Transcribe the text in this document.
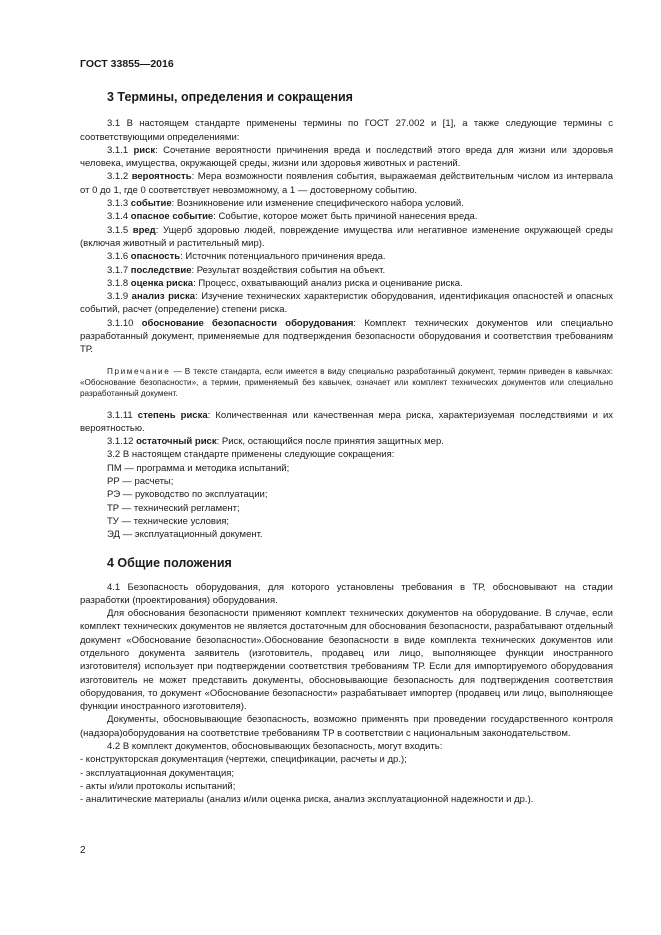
ГОСТ 33855—2016

3 Термины, определения и сокращения

3.1 В настоящем стандарте применены термины по ГОСТ 27.002 и [1], а также следующие термины с соответствующими определениями:

3.1.1 риск: Сочетание вероятности причинения вреда и последствий этого вреда для жизни или здоровья человека, имущества, окружающей среды, жизни или здоровья животных и растений.

3.1.2 вероятность: Мера возможности появления события, выражаемая действительным числом из интервала от 0 до 1, где 0 соответствует невозможному, а 1 — достоверному событию.

3.1.3 событие: Возникновение или изменение специфического набора условий.

3.1.4 опасное событие: Событие, которое может быть причиной нанесения вреда.

3.1.5 вред: Ущерб здоровью людей, повреждение имущества или негативное изменение окружающей среды (включая животный и растительный мир).

3.1.6 опасность: Источник потенциального причинения вреда.

3.1.7 последствие: Результат воздействия события на объект.

3.1.8 оценка риска: Процесс, охватывающий анализ риска и оценивание риска.

3.1.9 анализ риска: Изучение технических характеристик оборудования, идентификация опасностей и опасных событий, расчет (определение) степени риска.

3.1.10 обоснование безопасности оборудования: Комплект технических документов или специально разработанный документ, применяемые для подтверждения безопасности оборудования и соответствия требованиям ТР.

Примечание — В тексте стандарта, если имеется в виду специально разработанный документ, термин приведен в кавычках: «Обоснование безопасности», а термин, применяемый без кавычек, означает или комплект технических документов или специально разработанный документ.

3.1.11 степень риска: Количественная или качественная мера риска, характеризуемая последствиями и их вероятностью.

3.1.12 остаточный риск: Риск, остающийся после принятия защитных мер.

3.2 В настоящем стандарте применены следующие сокращения:

ПМ — программа и методика испытаний;

РР — расчеты;

РЭ — руководство по эксплуатации;

ТР — технический регламент;

ТУ — технические условия;

ЭД — эксплуатационный документ.

4 Общие положения

4.1 Безопасность оборудования, для которого установлены требования в ТР, обосновывают на стадии разработки (проектирования) оборудования.

Для обоснования безопасности применяют комплект технических документов на оборудование. В случае, если комплект технических документов не является достаточным для обоснования безопасности, разрабатывают отдельный документ «Обоснование безопасности».Обоснование безопасности в виде комплекта технических документов или отдельного документа заявитель (изготовитель, продавец или лицо, выполняющее функции иностранного изготовителя) использует при подтверждении соответствия требованиям ТР. Если для импортируемого оборудования изготовитель не может представить документы, обосновывающие безопасность для подтверждения соответствия оборудования, то документ «Обоснование безопасности» разрабатывает импортер (продавец или лицо, выполняющее функции иностранного изготовителя).

Документы, обосновывающие безопасность, возможно применять при проведении государственного контроля (надзора)оборудования на соответствие требованиям ТР в соответствии с национальным законодательством.

4.2 В комплект документов, обосновывающих безопасность, могут входить:

- конструкторская документация (чертежи, спецификации, расчеты и др.);

- эксплуатационная документация;

- акты и/или протоколы испытаний;

- аналитические материалы (анализ и/или оценка риска, анализ эксплуатационной надежности и др.).

2
